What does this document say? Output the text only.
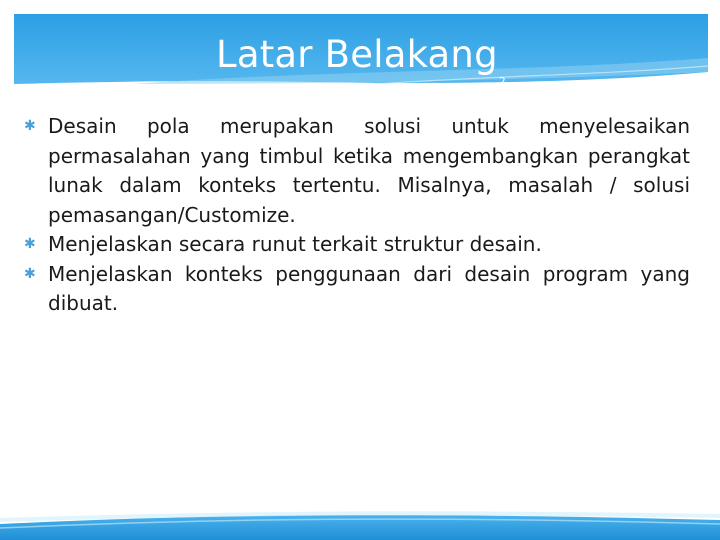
Latar Belakang$_2$

✱ Desain pola merupakan solusi untuk menyelesaikan permasalahan yang timbul ketika mengembangkan perangkat lunak dalam konteks tertentu. Misalnya, masalah / solusi pemasangan/Customize.

✱ Menjelaskan secara runut terkait struktur desain.

✱ Menjelaskan konteks penggunaan dari desain program yang dibuat.
